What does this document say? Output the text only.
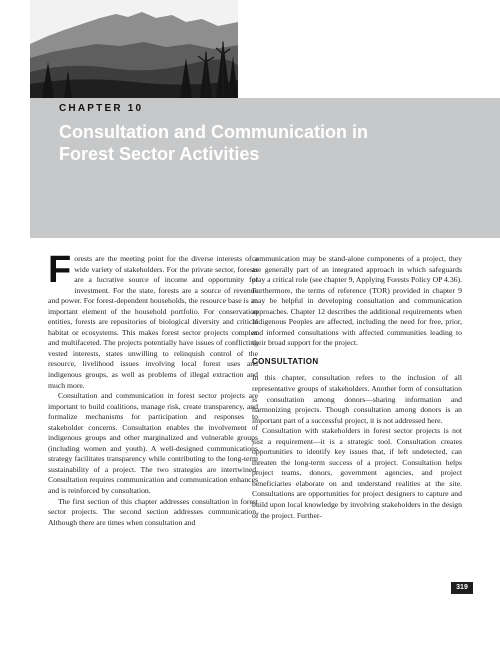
CHAPTER 10
Consultation and Communication in
Forest Sector Activities

Forests are the meeting point for the diverse interests of a wide variety of stakeholders. For the private sector, forests are a lucrative source of income and opportunity for investment. For the state, forests are a source of revenue and power. For forest-dependent households, the resource base is an important element of the household portfolio. For conservation entities, forests are repositories of biological diversity and critical habitat or ecosystems. This makes forest sector projects complex and multifaceted. The projects potentially have issues of conflicting vested interests, states unwilling to relinquish control of the resource, livelihood issues involving local forest uses and indigenous groups, as well as problems of illegal extraction and much more.

Consultation and communication in forest sector projects are important to build coalitions, manage risk, create transparency, and formalize mechanisms for participation and responses to stakeholder concerns. Consultation enables the involvement of indigenous groups and other marginalized and vulnerable groups (including women and youth). A well-designed communications strategy facilitates transparency while contributing to the long-term sustainability of a project. The two strategies are intertwined. Consultation requires communication and communication enhances and is reinforced by consultation.

The first section of this chapter addresses consultation in forest sector projects. The second section addresses communication. Although there are times when consultation and

communication may be stand-alone components of a project, they are generally part of an integrated approach in which safeguards play a critical role (see chapter 9, Applying Forests Policy OP 4.36). Furthermore, the terms of reference (TOR) provided in chapter 9 may be helpful in developing consultation and communication approaches. Chapter 12 describes the additional requirements when Indigenous Peoples are affected, including the need for free, prior, and informed consultations with affected communities leading to their broad support for the project.

CONSULTATION

In this chapter, consultation refers to the inclusion of all representative groups of stakeholders. Another form of consultation is consultation among donors—sharing information and harmonizing projects. Though consultation among donors is an important part of a successful project, it is not addressed here.

Consultation with stakeholders in forest sector projects is not just a requirement—it is a strategic tool. Consultation creates opportunities to identify key issues that, if left undetected, can threaten the long-term success of a project. Consultation helps project teams, donors, government agencies, and project beneficiaries elaborate on and understand realities at the site. Consultations are opportunities for project designers to capture and build upon local knowledge by involving stakeholders in the design of the project. Further-

319
